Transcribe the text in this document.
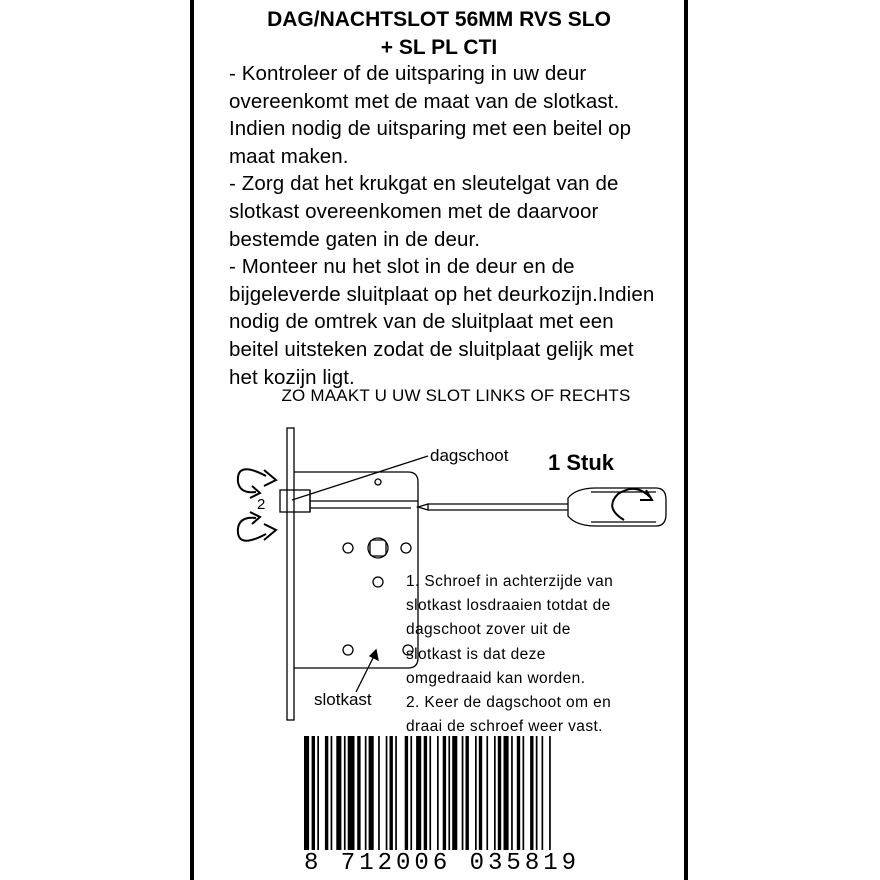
DAG/NACHTSLOT 56MM RVS SLO
+ SL PL CTI
- Kontroleer of de uitsparing in uw deur
overeenkomt met de maat van de slotkast.
Indien nodig de uitsparing met een beitel op
maat maken.
- Zorg dat het krukgat en sleutelgat van de
slotkast overeenkomen met de daarvoor
bestemde gaten in de deur.
- Monteer nu het slot in de deur en de
bijgeleverde sluitplaat op het deurkozijn.Indien
nodig de omtrek van de sluitplaat met een
beitel uitsteken zodat de sluitplaat gelijk met
het kozijn ligt.
ZO MAAKT U UW SLOT LINKS OF RECHTS
dagschoot
slotkast
2
1 Stuk
1. Schroef in achterzijde van
slotkast losdraaien totdat de
dagschoot zover uit de
slotkast is dat deze
omgedraaid kan worden.
2. Keer de dagschoot om en
draai de schroef weer vast.
8 712006 035819
